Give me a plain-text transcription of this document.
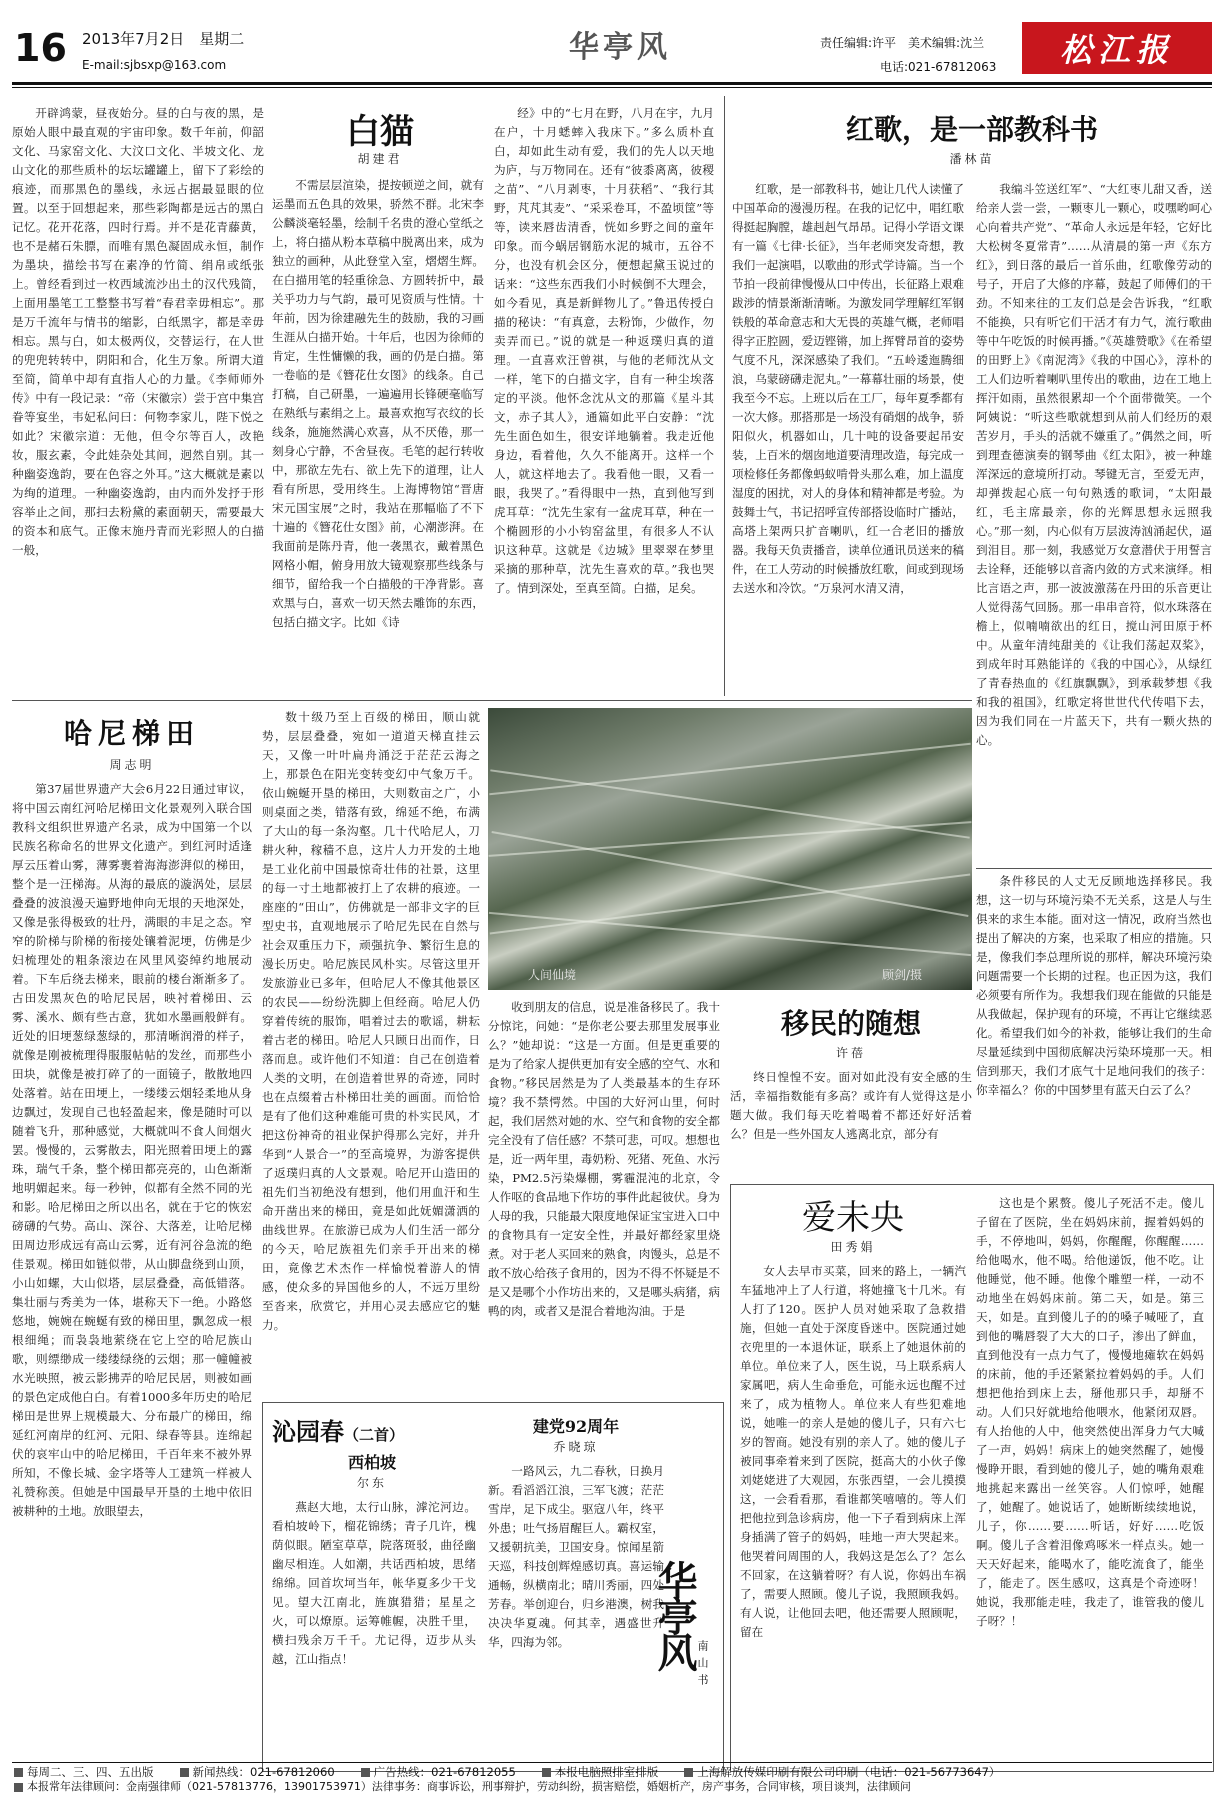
16 2013年7月2日　星期二
E-mail:sjbsxp@163.com	华亭风	责任编辑:许平　美术编辑:沈兰
电话:021-67812063	松江报
白猫
胡建君
开辟鸿蒙，昼夜始分。昼的白与夜的黑，是原始人眼中最直观的宇宙印象。数千年前，仰韶文化、马家窑文化、大汶口文化、半坡文化、龙山文化的那些质朴的坛坛罐罐上，留下了彩绘的痕迹，而那黑色的墨线，永远占据最显眼的位置。以至于回想起来，那些彩陶都是远古的黑白记忆。花开花落，四时行焉。并不是花青藤黄，也不是赭石朱膘，而唯有黑色凝固成永恒，制作为墨块，描绘书写在素净的竹简、绢帛或纸张上。曾经看到过一枚西域流沙出土的汉代残简，上面用墨笔工工整整书写着“春君幸毋相忘”。那是万千流年与情书的缩影，白纸黑字，都是幸毋相忘。黑与白，如太极两仪，交替运行，在人世的兜兜转转中，阴阳和合，化生万象。所谓大道至简，简单中却有直指人心的力量。《李师师外传》中有一段记录：“帝（宋徽宗）尝于宫中集宫眷等宴坐，韦妃私问曰：何物李家儿，陛下悦之如此？宋徽宗道：无他，但令尔等百人，改艳妆，服玄素，令此娃杂处其间，迥然自别。其一种幽姿逸韵，要在色容之外耳。”这大概就是素以为绚的道理。一种幽姿逸韵，由内而外发抒于形容举止之间，那扫去粉黛的素面朝天，需要最大的资本和底气。正像末施丹青而光彩照人的白描一般，
不需层层渲染，提按顿逆之间，就有运墨而五色具的效果，骄然不群。北宋李公麟淡毫轻墨，绘制千名贵的澄心堂纸之上，将白描从粉本草稿中脱离出来，成为独立的画种，从此登堂入室，熠熠生辉。在白描用笔的轻重徐急、方圆转折中，最关乎功力与气韵，最可见资质与性情。十年前，因为徐建融先生的鼓励，我的习画生涯从白描开始。十年后，也因为徐师的肯定，生性慵懒的我，画的仍是白描。第一卷临的是《簪花仕女图》的线条。自己打稿，自己研墨，一遍遍用长锋硬毫临写在熟纸与素绢之上。最喜欢抱写衣纹的长线条，施施然满心欢喜，从不厌倦，那一刻身心宁静，不舍昼夜。毛笔的起行转收中，那欲左先右、欲上先下的道理，让人看有所思，受用终生。上海博物馆“晋唐宋元国宝展”之时，我站在那幅临了不下十遍的《簪花仕女图》前，心潮澎湃。在我面前是陈丹青，他一袭黑衣，戴着黑色网格小帽，俯身用放大镜观察那些线条与细节，留给我一个白描般的干净背影。喜欢黑与白，喜欢一切天然去雕饰的东西，包括白描文字。比如《诗
经》中的“七月在野，八月在宇，九月在户，十月蟋蟀入我床下。”多么质朴直白，却如此生动有爱，我们的先人以天地为庐，与万物同在。还有“彼黍离离，彼稷之苗”、“八月剥枣，十月获稻”、“我行其野，芃芃其麦”、“采采卷耳，不盈顷筐”等等，读来唇齿清香，恍如乡野之间的童年印象。而今蜗居钢筋水泥的城市，五谷不分，也没有机会区分，便想起黛玉说过的话来：“这些东西我们小时候倒不大理会，如今看见，真是新鲜物儿了。”鲁迅传授白描的秘诀：“有真意，去粉饰，少做作，勿卖弄而已。”说的就是一种返璞归真的道理。一直喜欢汪曾祺，与他的老师沈从文一样，笔下的白描文字，自有一种尘埃落定的平淡。他怀念沈从文的那篇《星斗其文，赤子其人》，通篇如此平白安静：“沈先生面色如生，很安详地躺着。我走近他身边，看着他，久久不能离开。这样一个人，就这样地去了。我看他一眼，又看一眼，我哭了。”看得眼中一热，直到他写到虎耳草：“沈先生家有一盆虎耳草，种在一个椭圆形的小小钧窑盆里，有很多人不认识这种草。这就是《边城》里翠翠在梦里采摘的那种草，沈先生喜欢的草。”我也哭了。情到深处，至真至简。白描，足矣。
红歌，是一部教科书
潘林苗
红歌，是一部教科书，她让几代人读懂了中国革命的漫漫历程。在我的记忆中，唱红歌得挺起胸膛，雄赳赳气昂昂。记得小学语文课有一篇《七律·长征》，当年老师突发奇想，教我们一起演唱，以歌曲的形式学诗篇。当一个节拍一段前律慢慢从口中传出，长征路上艰难跋涉的情景渐渐清晰。为激发同学理解红军钢铁般的革命意志和大无畏的英雄气概，老师唱得字正腔圆，爱迈铿锵，加上挥臂昂首的姿势气度不凡，深深感染了我们。“五岭逶迤腾细浪，乌蒙磅礴走泥丸。”一幕幕壮丽的场景，使我至今不忘。上班以后在工厂，每年夏季都有一次大修。那搭那是一场没有硝烟的战争，骄阳似火，机器如山，几十吨的设备要起吊安装，上百米的烟囱地道要清理改造，每完成一项检修任务都像蚂蚁啃骨头那么难，加上温度湿度的困扰，对人的身体和精神都是考验。为鼓舞士气，书记招呼宣传部搭设临时广播站，高塔上架两只扩音喇叭，红一合老旧的播放器。我每天负责播音，读单位通讯员送来的稿件，在工人劳动的时候播放红歌，间或到现场去送水和冷饮。“万泉河水清又清，
我编斗笠送红军”、“大红枣儿甜又香，送给亲人尝一尝，一颗枣儿一颗心，哎嘿哟呵心心向着共产党”、“革命人永远是年轻，它好比大松树冬夏常青”……从清晨的第一声《东方红》，到日落的最后一首乐曲，红歌像劳动的号子，开启了大修的序幕，鼓起了师傅们的干劲。不知来往的工友们总是会告诉我，“红歌不能换，只有听它们干活才有力气，流行歌曲等中午吃饭的时候再播。”《英雄赞歌》《在希望的田野上》《南泥湾》《我的中国心》，淳朴的工人们边听着喇叭里传出的歌曲，边在工地上挥汗如雨，虽然很累却一个个面带微笑。一个阿姨说：“听这些歌就想到从前人们经历的艰苦岁月，手头的活就不嫌重了。”偶然之间，听到理查德演奏的钢琴曲《红太阳》，被一种雄浑深远的意境所打动。琴键无言，至爱无声，却弹拨起心底一句句熟透的歌词，“太阳最红，毛主席最亲，你的光辉思想永远照我心。”那一刻，内心似有万层波涛汹涌起伏，逼到泪目。那一刻，我感觉万女意潜伏于用誓言去诠释，还能够以音斋内敛的方式来演绎。相比言语之声，那一波波激荡在丹田的乐音更让人觉得荡气回肠。那一串串音符，似水珠落在檐上，似喃喃欲出的红日，搅山河田原于杯中。从童年清纯甜美的《让我们荡起双桨》，到成年时耳熟能详的《我的中国心》，从绿红了青春热血的《红旗飘飘》，到承载梦想《我和我的祖国》，红歌定将世世代代传唱下去，因为我们同在一片蓝天下，共有一颗火热的心。
哈尼梯田
周志明
第37届世界遗产大会6月22日通过审议，将中国云南红河哈尼梯田文化景观列入联合国教科文组织世界遗产名录，成为中国第一个以民族名称命名的世界文化遗产。到红河时适逢厚云压着山雾，薄雾裹着海海澎湃似的梯田，整个是一汪梯海。从海的最底的漩涡处，层层叠叠的波浪漫天遍野地伸向无垠的天地深处，又像是张得极致的壮丹，满眼的丰足之态。窄窄的阶梯与阶梯的衔接处镶着泥埂，仿佛是少妇梳理处的粗条滚边在风里风姿绰约地展动着。下车后绕去梯来，眼前的楼台渐渐多了。古田发黑灰色的哈尼民居，映衬着梯田、云雾、溪水、颇有些古意，犹如水墨画般鲜有。近处的旧埂葱绿葱绿的，那清晰润滑的样子，就像是刚被梳理得服服帖帖的发丝，而那些小田块，就像是被打碎了的一面镜子，散散地四处落着。站在田埂上，一缕缕云烟轻柔地从身边飘过，发现自己也轻盈起来，像是随时可以随着飞升，那种感觉，大概就叫不食人间烟火罢。慢慢的，云雾散去，阳光照着田埂上的露珠，瑞气千条，整个梯田都亮亮的，山色渐渐地明媚起来。每一秒钟，似都有全然不同的光和影。哈尼梯田之所以出名，就在于它的恢宏磅礴的气势。高山、深谷、大落差，让哈尼梯田周边形成远有高山云雾，近有河谷急流的绝佳景观。梯田如链似带，从山脚盘绕到山顶，小山如螺，大山似塔，层层叠叠，高低错落。集壮丽与秀美为一体，堪称天下一绝。小路悠悠地，婉婉在蜿蜒有致的梯田里，飘忽成一根根细绳；而袅袅地萦绕在它上空的哈尼族山歌，则缥缈成一缕缕绿绕的云烟；那一幢幢被水光映照，被云影拂弄的哈尼民居，则被如画的景色定成他白白。有着1000多年历史的哈尼梯田是世界上规模最大、分布最广的梯田，绵延红河南岸的红河、元阳、绿春等县。连绵起伏的哀牢山中的哈尼梯田，千百年来不被外界所知，不像长城、金字塔等人工建筑一样被人礼赞称羡。但她是中国最早开垦的土地中依旧被耕种的土地。放眼望去，
数十级乃至上百级的梯田，顺山就势，层层叠叠，宛如一道道天梯直挂云天，又像一叶叶扁舟涌泛于茫茫云海之上，那景色在阳光变转变幻中气象万千。依山蜿蜒开垦的梯田，大则数亩之广，小则桌面之类，错落有致，绵延不绝，布满了大山的每一条沟壑。几十代哈尼人，刀耕火种，稼穑不息，这片人力开发的土地是工业化前中国最惊奇壮伟的社景，这里的每一寸土地都被打上了农耕的痕迹。一座座的“田山”，仿佛就是一部非文字的巨型史书，直观地展示了哈尼先民在自然与社会双重压力下，顽强抗争、繁衍生息的漫长历史。哈尼族民风朴实。尽管这里开发旅游业已多年，但哈尼人不像其他景区的农民——纷纷洗脚上但经商。哈尼人仍穿着传统的服饰，唱着过去的歌谣，耕耘着古老的梯田。哈尼人只顾日出而作，日落而息。或许他们不知道：自己在创造着人类的文明，在创造着世界的奇迹，同时也在点缀着古朴梯田壮美的画面。而恰恰是有了他们这种难能可贵的朴实民风，才把这份神奇的祖业保护得那么完好，并升华到“人景合一”的至高境界，为游客提供了返璞归真的人文景观。哈尼开山造田的祖先们当初绝没有想到，他们用血汗和生命开凿出来的梯田，竟是如此妩媚潇洒的曲线世界。在旅游已成为人们生活一部分的今天，哈尼族祖先们亲手开出来的梯田，竟像艺术杰作一样愉悦着游人的情感，使众多的异国他乡的人，不远万里纷至沓来，欣赏它，并用心灵去感应它的魅力。
人间仙境	顾剑/摄
收到朋友的信息，说是准备移民了。我十分惊诧，问她：“是你老公要去那里发展事业么？”她却说：“这是一方面。但是更重要的是为了给家人提供更加有安全感的空气、水和食物。”移民居然是为了人类最基本的生存环境？我不禁愕然。中国的大好河山里，何时起，我们居然对她的水、空气和食物的安全都完全没有了信任感？不禁可悲，可叹。想想也是，近一两年里，毒奶粉、死猪、死鱼、水污染，PM2.5污染爆棚，雾霾混沌的北京，令人作呕的食品地下作坊的事件此起彼伏。身为人母的我，只能最大限度地保证宝宝进入口中的食物具有一定安全性，并最好都经家里烧煮。对于老人买回来的熟食，肉馒头，总是不敢不放心给孩子食用的，因为不得不怀疑是不是又是哪个小作坊出来的，又是哪头病猪，病鸭的肉，或者又是混合着地沟油。于是
移民的随想
许蓓
终日惶惶不安。面对如此没有安全感的生活，幸福指数能有多高？或许有人觉得这是小题大做。我们每天吃着喝着不都还好好活着么？但是一些外国友人逃离北京，部分有
条件移民的人丈无反顾地选择移民。我想，这一切与环境污染不无关系，这是人与生俱来的求生本能。面对这一情况，政府当然也提出了解决的方案，也采取了相应的措施。只是，像我们李总理所说的那样，解决环境污染问题需要一个长期的过程。也正因为这，我们必须要有所作为。我想我们现在能做的只能是从我做起，保护现有的环境，不再让它继续恶化。希望我们如今的补救，能够让我们的生命尽量延续到中国彻底解决污染环境那一天。相信到那天，我们才底气十足地问我们的孩子：你幸福么？你的中国梦里有蓝天白云了么？
爱未央
田秀娟
女人去早市买菜，回来的路上，一辆汽车猛地冲上了人行道，将她撞飞十几米。有人打了120。医护人员对她采取了急救措施，但她一直处于深度昏迷中。医院通过她衣兜里的一本退休证，联系上了她退休前的单位。单位来了人，医生说，马上联系病人家属吧，病人生命垂危，可能永远也醒不过来了，成为植物人。单位来人有些犯难地说，她唯一的亲人是她的傻儿子，只有六七岁的智商。她没有别的亲人了。她的傻儿子被同事牵着来到了医院，挺高大的小伙子像刘姥姥进了大观园，东张西望，一会儿摸摸这，一会看看那，看谁都笑嘻嘻的。等人们把他拉到急诊病房，他一下子看到病床上浑身插满了管子的妈妈，哇地一声大哭起来。他哭着问周围的人，我妈这是怎么了？怎么不回家，在这躺着呀？有人说，你妈出车祸了，需要人照顾。傻儿子说，我照顾我妈。有人说，让他回去吧，他还需要人照顾呢，留在
这也是个累赘。傻儿子死活不走。傻儿子留在了医院，坐在妈妈床前，握着妈妈的手，不停地叫，妈妈，你醒醒，你醒醒……给他喝水，他不喝。给他递饭，他不吃。让他睡觉，他不睡。他像个雕塑一样，一动不动地坐在妈妈床前。第二天，如是。第三天，如是。直到傻儿子的的嗓子喊哑了，直到他的嘴唇裂了大大的口子，渗出了鲜血，直到他没有一点力气了，慢慢地瘫软在妈妈的床前，他的手还紧紧拉着妈妈的手。人们想把他抬到床上去，掰他那只手，却掰不动。人们只好就地给他喂水，他紧闭双唇。有人抬他的人中，他突然使出浑身力气大喊了一声，妈妈！病床上的她突然醒了，她慢慢睁开眼，看到她的傻儿子，她的嘴角艰难地挑起来露出一丝笑容。人们惊呼，她醒了，她醒了。她说话了，她断断续续地说，儿子，你……要……听话，好好……吃饭啊。傻儿子含着泪像鸡啄米一样点头。她一天天好起来，能喝水了，能吃流食了，能坐了，能走了。医生感叹，这真是个奇迹呀！她说，我那能走哇，我走了，谁管我的傻儿子呀？！
沁园春（二首）
西柏坡
尔东
燕赵大地，太行山脉，滹沱河边。看柏坡岭下，榴花锦绣；青子几许，槐荫似眼。陋室草草，院落斑驳，曲径幽幽尽相连。人如潮，共话西柏坡，思绪绵绵。回首坎坷当年，帐华夏多少干戈见。望大江南北，旌旗猎猎；星星之火，可以燎原。运筹帷幄，决胜千里，横扫残余万千千。尤记得，迈步从头越，江山指点！
建党92周年
乔晓琼
一路风云，九二春秋，日换月新。看滔滔江浪，三军飞渡；茫茫雪岸，足下成尘。驱寇八年，终平外患；吐气扬眉醒巨人。霸权室，又援朝抗美，卫国安身。惊闻星箭天巡，科技创辉煌感切真。喜运输通畅，纵横南北；晴川秀丽，四处芳春。举创迎台，归乡港澳，树我决决华夏魂。何其幸，遇盛世升华，四海为邻。	华亭风
南山书
每周二、三、四、五出版	新闻热线：021-67812060	广告热线：021-67812055	本报电脑照排室排版	上海解放传媒印刷有限公司印刷（电话：021-56773647）
本报常年法律顾问：金南强律师（021-57813776，13901753971）法律事务：商事诉讼，刑事辩护，劳动纠纷，损害赔偿，婚姻析产，房产事务，合同审核，项目谈判，法律顾问
